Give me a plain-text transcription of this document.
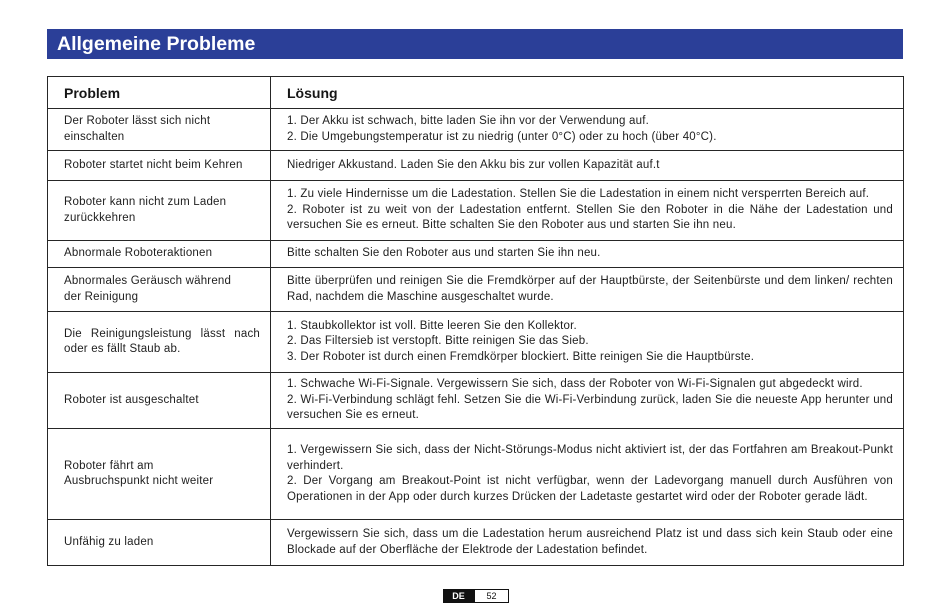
Allgemeine Probleme
Problem	Lösung
Der Roboter lässt sich nicht einschalten	1. Der Akku ist schwach, bitte laden Sie ihn vor der Verwendung auf.
2. Die Umgebungstemperatur ist zu niedrig (unter 0°C) oder zu hoch (über 40°C).

Roboter startet nicht beim Kehren	Niedriger Akkustand. Laden Sie den Akku bis zur vollen Kapazität auf.t

Roboter kann nicht zum Laden zurückkehren	1. Zu viele Hindernisse um die Ladestation. Stellen Sie die Ladestation in einem nicht versperrten Bereich auf.
2. Roboter ist zu weit von der Ladestation entfernt. Stellen Sie den Roboter in die Nähe der Ladestation und versuchen Sie es erneut. Bitte schalten Sie den Roboter aus und starten Sie ihn neu.

Abnormale Roboteraktionen	Bitte schalten Sie den Roboter aus und starten Sie ihn neu.

Abnormales Geräusch während der Reinigung	Bitte überprüfen und reinigen Sie die Fremdkörper auf der Hauptbürste, der Seitenbürste und dem linken/ rechten Rad, nachdem die Maschine ausgeschaltet wurde.

Die Reinigungsleistung lässt nach oder es fällt Staub ab.	1. Staubkollektor ist voll. Bitte leeren Sie den Kollektor.
2. Das Filtersieb ist verstopft. Bitte reinigen Sie das Sieb.
3. Der Roboter ist durch einen Fremdkörper blockiert. Bitte reinigen Sie die Hauptbürste.

Roboter ist ausgeschaltet	1. Schwache Wi-Fi-Signale. Vergewissern Sie sich, dass der Roboter von Wi-Fi-Signalen gut abgedeckt wird.
2. Wi-Fi-Verbindung schlägt fehl. Setzen Sie die Wi-Fi-Verbindung zurück, laden Sie die neueste App herunter und versuchen Sie es erneut.

Roboter fährt am Ausbruchspunkt nicht weiter	1. Vergewissern Sie sich, dass der Nicht-Störungs-Modus nicht aktiviert ist, der das Fortfahren am Breakout-Punkt verhindert.
2. Der Vorgang am Breakout-Point ist nicht verfügbar, wenn der Ladevorgang manuell durch Ausführen von Operationen in der App oder durch kurzes Drücken der Ladetaste gestartet wird oder der Roboter gerade lädt.

Unfähig zu laden	Vergewissern Sie sich, dass um die Ladestation herum ausreichend Platz ist und dass sich kein Staub oder eine Blockade auf der Oberfläche der Elektrode der Ladestation befindet.
DE	52
